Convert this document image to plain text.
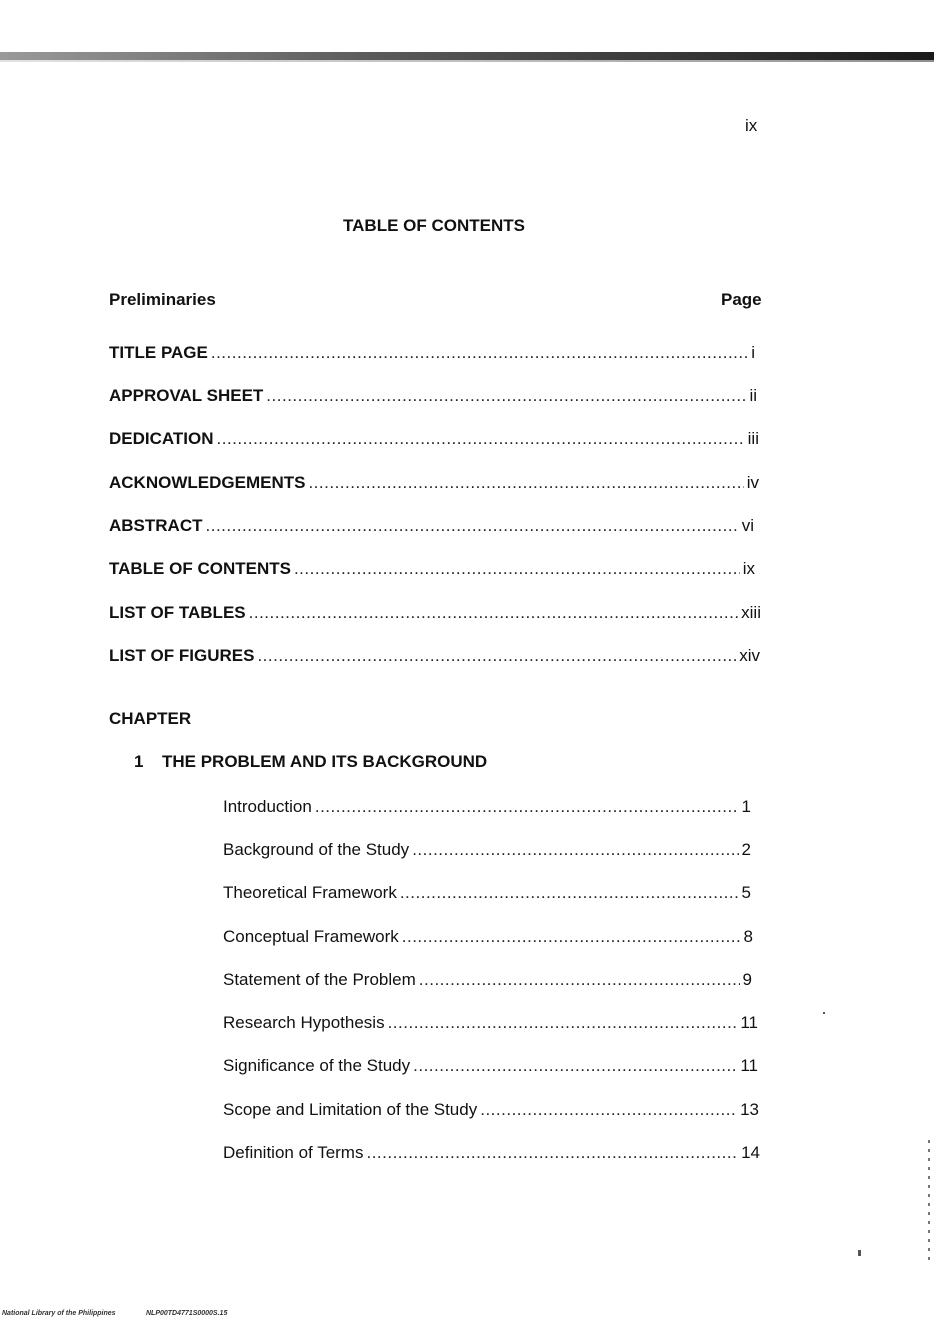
ix
TABLE OF CONTENTS
Preliminaries	Page
TITLE PAGE .....	i
APPROVAL SHEET .....	ii
DEDICATION .....	iii
ACKNOWLEDGEMENTS .....	iv
ABSTRACT .....	vi
TABLE OF CONTENTS .....	ix
LIST OF TABLES .....	xiii
LIST OF FIGURES .....	xiv
CHAPTER
1 THE PROBLEM AND ITS BACKGROUND
Introduction .....	1
Background of the Study .....	2
Theoretical Framework .....	5
Conceptual Framework .....	8
Statement of the Problem .....	9
Research Hypothesis .....	11
Significance of the Study .....	11
Scope and Limitation of the Study .....	13
Definition of Terms .....	14
National Library of the Philippines	NLP00TD4771S0000S.15
